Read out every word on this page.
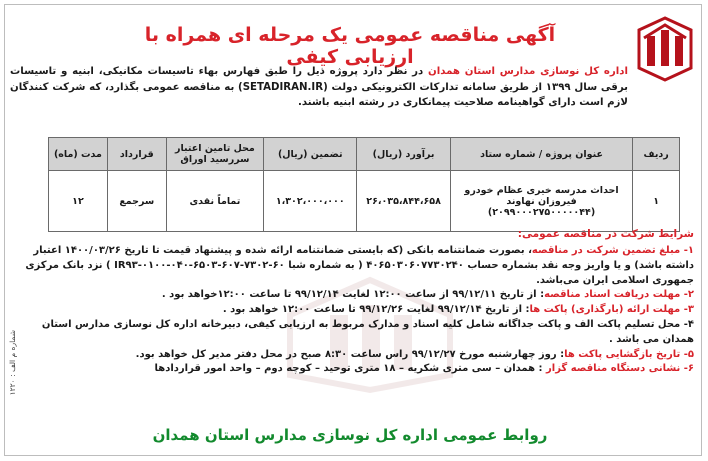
آگهی مناقصه عمومی یک مرحله ای همراه با ارزیابی کیفی
اداره کل نوسازی مدارس استان همدان در نظر دارد پروژه ذیل را طبق فهارس بهاء تاسیسات مکانیکی، ابنیه و تاسیسات برقی سال ۱۳۹۹ از طریق سامانه تدارکات الکترونیکی دولت (SETADIRAN.IR) به مناقصه عمومی بگذارد، که شرکت کنندگان لازم است دارای گواهینامه صلاحیت پیمانکاری در رشته ابنیه باشند.
ردیف	عنوان پروژه / شماره ستاد	برآورد (ریال)	تضمین (ریال)	محل تامین اعتبار سررسید اوراق	قرارداد	مدت (ماه)
۱	احداث مدرسه خیری عظام خودرو فیروزان نهاوند (۲۰۹۹۰۰۰۲۷۵۰۰۰۰۰۴۴)	۲۶،۰۳۵،۸۴۴،۶۵۸	۱،۳۰۲،۰۰۰،۰۰۰	تماماً نقدی	سرجمع	۱۲
شرایط شرکت در مناقصه عمومی:
۱- مبلغ تضمین شرکت در مناقصه، بصورت ضمانتنامه بانکی (که بایستی ضمانتنامه ارائه شده و پیشنهاد قیمت تا تاریخ ۱۴۰۰/۰۳/۲۶ اعتبار داشته باشد) و یا واریز وجه نقد بشماره حساب ۴۰۶۵۰۳۰۶۰۷۷۳۰۲۴۰ ( به شماره شبا ۶۰-۷۳۰۲-۶۰۷-۶۵۰۳-۰۴۰-۰۱۰۰-IR۹۳ ) نزد بانک مرکزی جمهوری اسلامی ایران می‌باشد.
۲- مهلت دریافت اسناد مناقصه: از تاریخ ۹۹/۱۲/۱۱ از ساعت ۱۲:۰۰ لغایت ۹۹/۱۲/۱۴ تا ساعت ۱۲:۰۰خواهد بود .
۳- مهلت ارائه (بارگذاری) پاکت ها: از تاریخ ۹۹/۱۲/۱۴ لغایت ۹۹/۱۲/۲۶ تا ساعت ۱۲:۰۰ خواهد بود .
۴- محل تسلیم پاکت الف و پاکت جداگانه شامل کلیه اسناد و مدارک مربوط به ارزیابی کیفی، دبیرخانه اداره کل نوسازی مدارس استان همدان می باشد .
۵- تاریخ بازگشایی پاکت ها: روز چهارشنبه مورخ ۹۹/۱۲/۲۷ راس ساعت ۸:۳۰ صبح در محل دفتر مدیر کل خواهد بود.
۶- نشانی دستگاه مناقصه گزار : همدان – سی متری شکریه – ۱۸ متری توحید – کوچه دوم – واحد امور قراردادها
شماره م الف : ۱۲۲۰
روابط عمومی اداره کل نوسازی مدارس استان همدان
